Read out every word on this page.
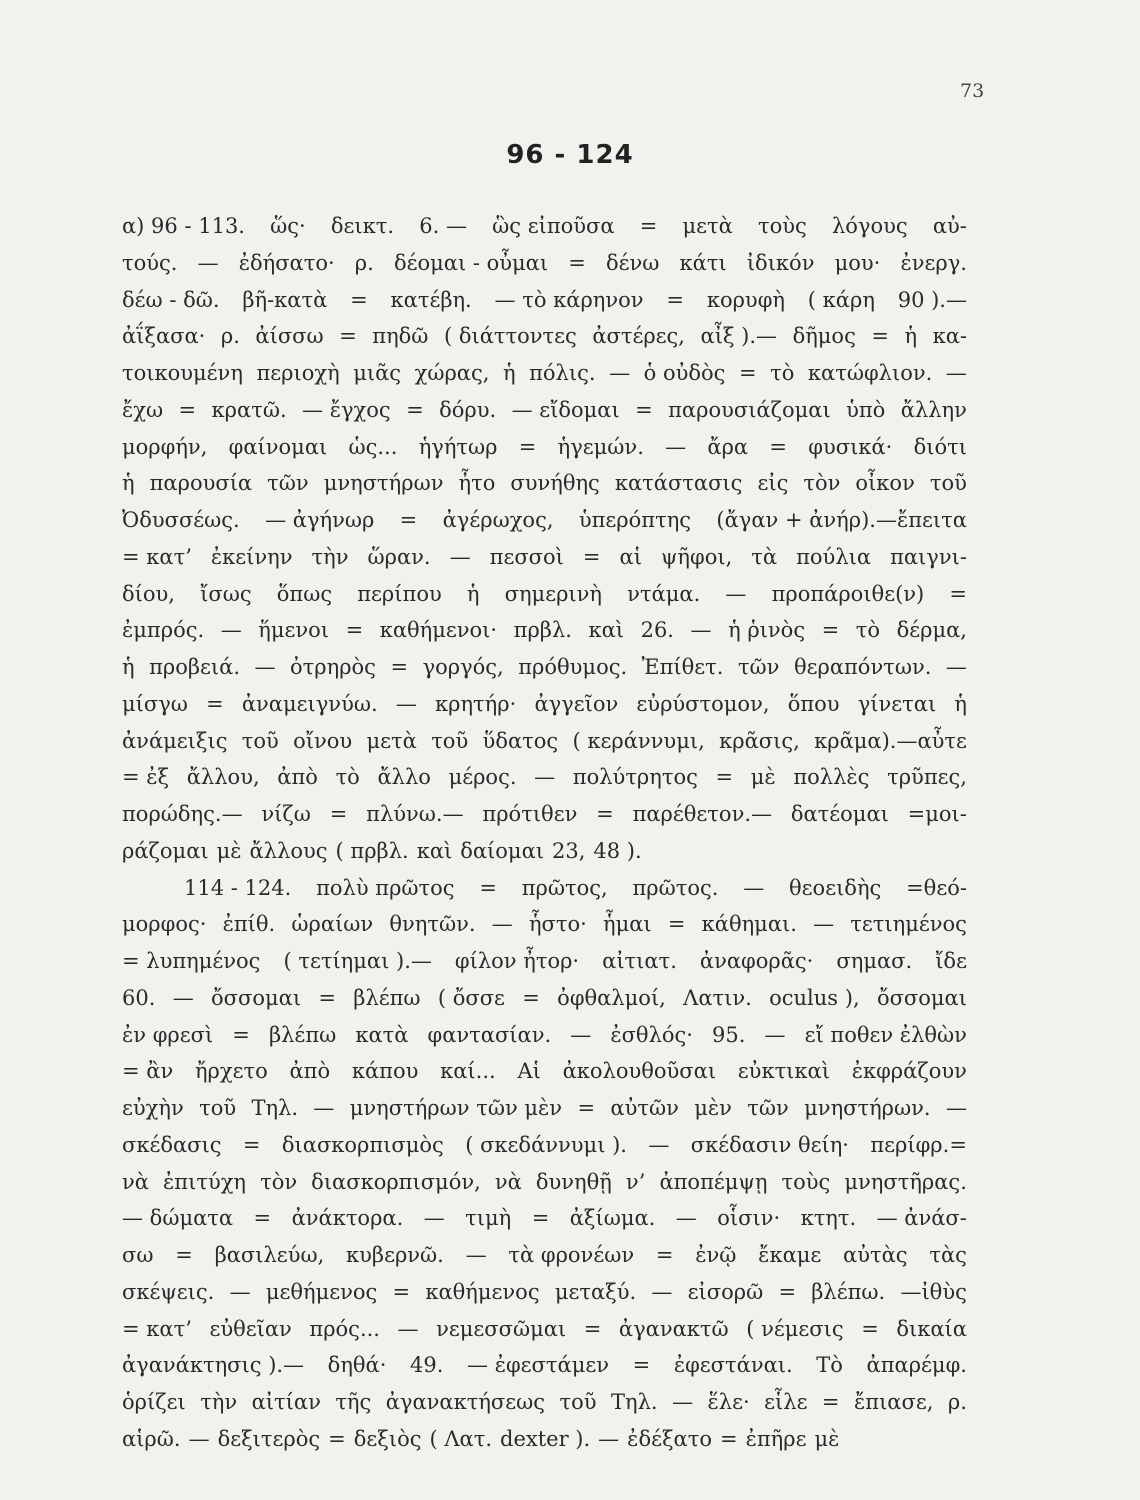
73
96 - 124
α) 96 - 113. ὥς· δεικτ. 6. — ὣς εἰποῦσα = μετὰ τοὺς λόγους αὐ-
τούς. — ἐδήσατο· ρ. δέομαι - οὖμαι = δένω κάτι ἰδικόν μου· ἐνεργ.
δέω - δῶ. βῆ-κατὰ = κατέβη. — τὸ κάρηνον = κορυφὴ ( κάρη 90 ).—
ἀΐξασα· ρ. ἀίσσω = πηδῶ ( διάττοντες ἀστέρες, αἶξ ).— δῆμος = ἡ κα-
τοικουμένη περιοχὴ μιᾶς χώρας, ἡ πόλις. — ὁ οὐδὸς = τὸ κατώφλιον. —
ἔχω = κρατῶ. — ἔγχος = δόρυ. — εἴδομαι = παρουσιάζομαι ὑπὸ ἄλλην
μορφήν, φαίνομαι ὡς... ἡγήτωρ = ἡγεμών. — ἄρα = φυσικά· διότι
ἡ παρουσία τῶν μνηστήρων ἦτο συνήθης κατάστασις εἰς τὸν οἶκον τοῦ
Ὀδυσσέως. — ἀγήνωρ = ἀγέρωχος, ὑπερόπτης (ἄγαν + ἀνήρ).—ἔπειτα
= κατ’ ἐκείνην τὴν ὥραν. — πεσσοὶ = αἱ ψῆφοι, τὰ πούλια παιγνι-
δίου, ἴσως ὅπως περίπου ἡ σημερινὴ ντάμα. — προπάροιθε(ν) =
ἐμπρός. — ἥμενοι = καθήμενοι· πρβλ. καὶ 26. — ἡ ῥινὸς = τὸ δέρμα,
ἡ προβειά. — ὀτρηρὸς = γοργός, πρόθυμος. Ἐπίθετ. τῶν θεραπόντων. —
μίσγω = ἀναμειγνύω. — κρητήρ· ἀγγεῖον εὐρύστομον, ὅπου γίνεται ἡ
ἀνάμειξις τοῦ οἴνου μετὰ τοῦ ὕδατος ( κεράννυμι, κρᾶσις, κρᾶμα).—αὖτε
= ἐξ ἄλλου, ἀπὸ τὸ ἄλλο μέρος. — πολύτρητος = μὲ πολλὲς τρῦπες,
πορώδης.— νίζω = πλύνω.— πρότιθεν = παρέθετον.— δατέομαι =μοι-
ράζομαι μὲ ἄλλους ( πρβλ. καὶ δαίομαι 23, 48 ).
114 - 124. πολὺ πρῶτος = πρῶτος, πρῶτος. — θεοειδὴς =θεό-
μορφος· ἐπίθ. ὡραίων θνητῶν. — ἧστο· ἧμαι = κάθημαι. — τετιημένος
= λυπημένος ( τετίημαι ).— φίλον ἦτορ· αἰτιατ. ἀναφορᾶς· σημασ. ἴδε
60. — ὄσσομαι = βλέπω ( ὄσσε = ὀφθαλμοί, Λατιν. oculus ), ὄσσομαι
ἐν φρεσὶ = βλέπω κατὰ φαντασίαν. — ἐσθλός· 95. — εἴ ποθεν ἐλθὼν
= ἂν ἤρχετο ἀπὸ κάπου καί... Αἱ ἀκολουθοῦσαι εὐκτικαὶ ἐκφράζουν
εὐχὴν τοῦ Τηλ. — μνηστήρων τῶν μὲν = αὐτῶν μὲν τῶν μνηστήρων. —
σκέδασις = διασκορπισμὸς ( σκεδάννυμι ). — σκέδασιν θείη· περίφρ.=
νὰ ἐπιτύχη τὸν διασκορπισμόν, νὰ δυνηθῇ ν’ ἀποπέμψῃ τοὺς μνηστῆρας.
— δώματα = ἀνάκτορα. — τιμὴ = ἀξίωμα. — οἷσιν· κτητ. — ἀνάσ-
σω = βασιλεύω, κυβερνῶ. — τὰ φρονέων = ἐνῷ ἔκαμε αὐτὰς τὰς
σκέψεις. — μεθήμενος = καθήμενος μεταξύ. — εἰσορῶ = βλέπω. —ἰθὺς
= κατ’ εὐθεῖαν πρός... — νεμεσσῶμαι = ἀγανακτῶ ( νέμεσις = δικαία
ἀγανάκτησις ).— δηθά· 49. — ἐφεστάμεν = ἐφεστάναι. Τὸ ἀπαρέμφ.
ὁρίζει τὴν αἰτίαν τῆς ἀγανακτήσεως τοῦ Τηλ. — ἕλε· εἷλε = ἔπιασε, ρ.
αἱρῶ. — δεξιτερὸς = δεξιὸς ( Λατ. dexter ). — ἐδέξατο = ἐπῆρε μὲ
